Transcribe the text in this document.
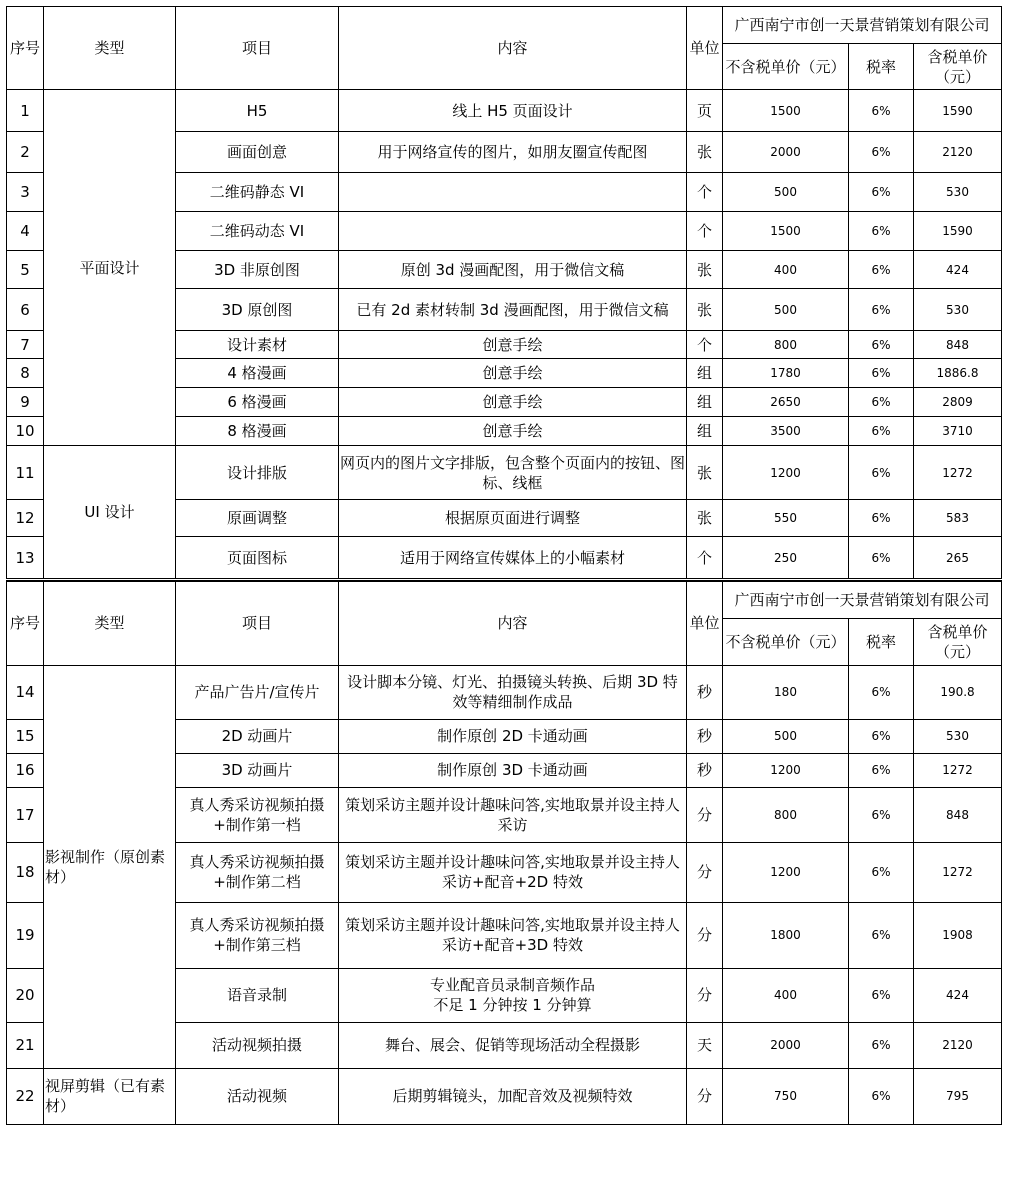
序号	类型	项目	内容	单位	广西南宁市创一天景营销策划有限公司		
					不含税单价（元）	税率	含税单价（元）
1	平面设计	H5	线上 H5 页面设计	页	1500	6%	1590
2		画面创意	用于网络宣传的图片，如朋友圈宣传配图	张	2000	6%	2120
3		二维码静态 VI		个	500	6%	530
4		二维码动态 VI		个	1500	6%	1590
5		3D 非原创图	原创 3d 漫画配图，用于微信文稿	张	400	6%	424
6		3D 原创图	已有 2d 素材转制 3d 漫画配图，用于微信文稿	张	500	6%	530
7		设计素材	创意手绘	个	800	6%	848
8		4 格漫画	创意手绘	组	1780	6%	1886.8
9		6 格漫画	创意手绘	组	2650	6%	2809
10		8 格漫画	创意手绘	组	3500	6%	3710
11	UI 设计	设计排版	网页内的图片文字排版，包含整个页面内的按钮、图标、线框	张	1200	6%	1272
12		原画调整	根据原页面进行调整	张	550	6%	583
13		页面图标	适用于网络宣传媒体上的小幅素材	个	250	6%	265
序号	类型	项目	内容	单位	广西南宁市创一天景营销策划有限公司		
					不含税单价（元）	税率	含税单价（元）
14	影视制作（原创素材）	产品广告片/宣传片	设计脚本分镜、灯光、拍摄镜头转换、后期 3D 特效等精细制作成品	秒	180	6%	190.8
15		2D 动画片	制作原创 2D 卡通动画	秒	500	6%	530
16		3D 动画片	制作原创 3D 卡通动画	秒	1200	6%	1272
17		真人秀采访视频拍摄+制作第一档	策划采访主题并设计趣味问答,实地取景并设主持人采访	分	800	6%	848
18		真人秀采访视频拍摄+制作第二档	策划采访主题并设计趣味问答,实地取景并设主持人采访+配音+2D 特效	分	1200	6%	1272
19		真人秀采访视频拍摄+制作第三档	策划采访主题并设计趣味问答,实地取景并设主持人采访+配音+3D 特效	分	1800	6%	1908
20		语音录制	专业配音员录制音频作品
不足 1 分钟按 1 分钟算	分	400	6%	424
21		活动视频拍摄	舞台、展会、促销等现场活动全程摄影	天	2000	6%	2120
22	视屏剪辑（已有素材）	活动视频	后期剪辑镜头，加配音效及视频特效	分	750	6%	795
